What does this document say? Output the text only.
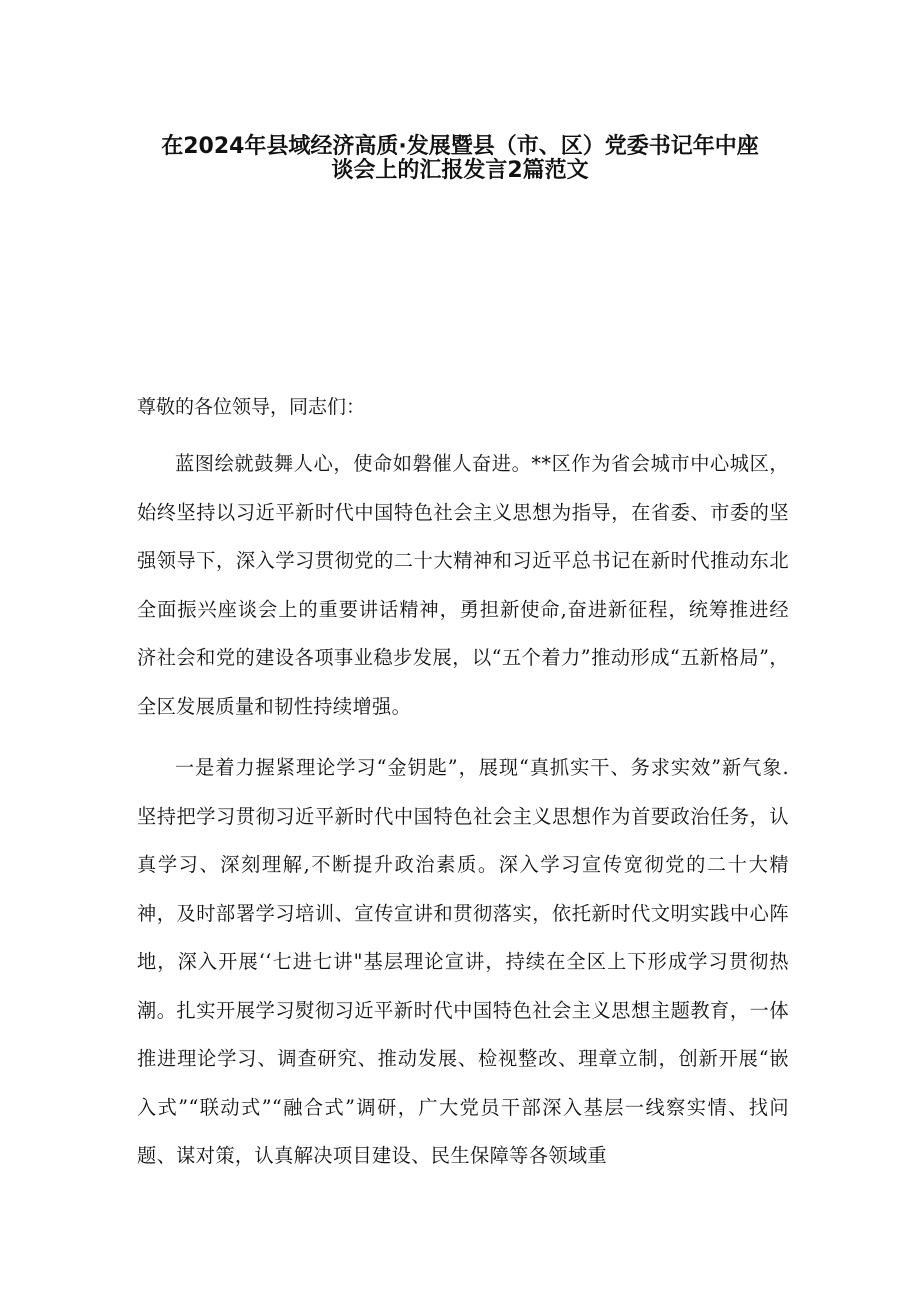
在2024年县域经济高质·发展暨县（市、区）党委书记年中座
谈会上的汇报发言2篇范文
尊敬的各位领导，同志们：

蓝图绘就鼓舞人心，使命如磐催人奋进。**区作为省会城市中心城区，始终坚持以习近平新时代中国特色社会主义思想为指导，在省委、市委的坚强领导下，深入学习贯彻党的二十大精神和习近平总书记在新时代推动东北全面振兴座谈会上的重要讲话精神，勇担新使命,奋进新征程，统筹推进经济社会和党的建设各项事业稳步发展，以“五个着力”推动形成“五新格局”，全区发展质量和韧性持续增强。

一是着力握紧理论学习“金钥匙”，展现“真抓实干、务求实效”新气象.坚持把学习贯彻习近平新时代中国特色社会主义思想作为首要政治任务，认真学习、深刻理解,不断提升政治素质。深入学习宣传宽彻党的二十大精神，及时部署学习培训、宣传宣讲和贯彻落实，依托新时代文明实践中心阵地，深入开展‘‘七进七讲"基层理论宣讲，持续在全区上下形成学习贯彻热潮。扎实开展学习熨彻习近平新时代中国特色社会主义思想主题教育，一体推进理论学习、调查研究、推动发展、检视整改、理章立制，创新开展“嵌入式”“联动式”“融合式”调研，广大党员干部深入基层一线察实情、找问题、谋对策，认真解决项目建设、民生保障等各领域重
